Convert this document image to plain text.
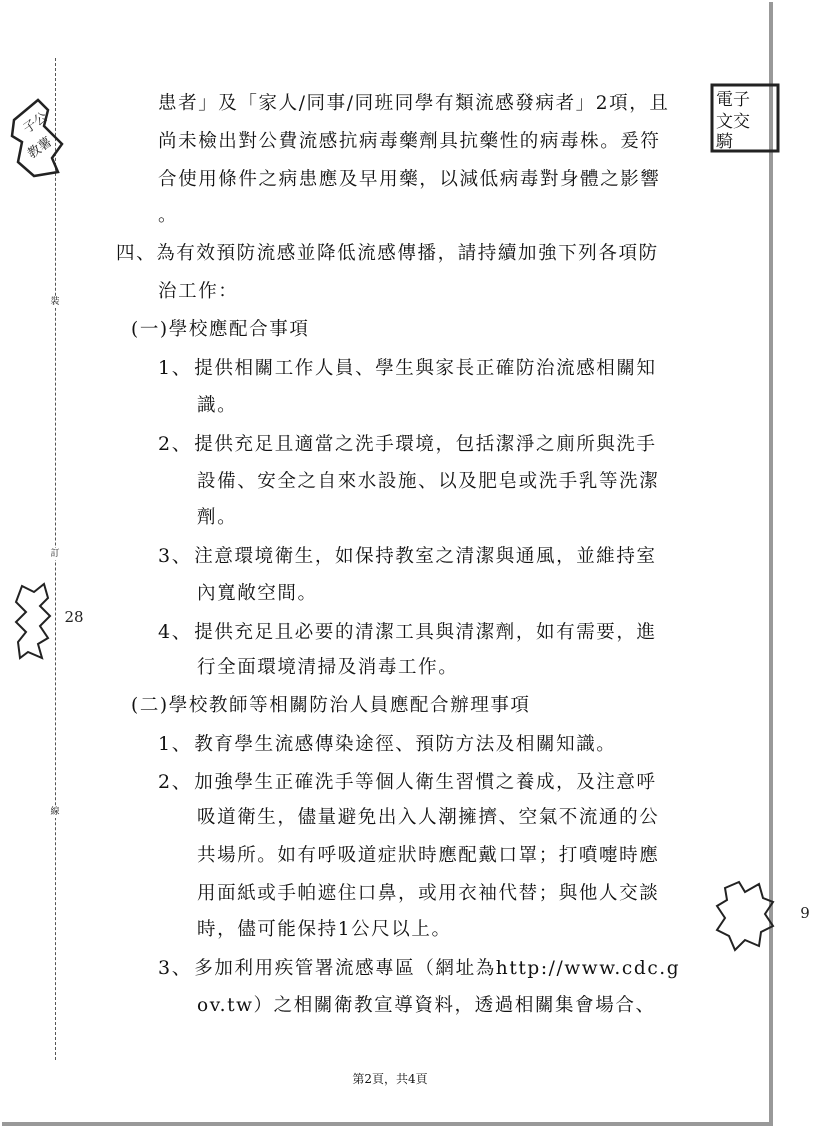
裝
訂
線
子公
教薯
電子
文交
騎
28
9
患者」及「家人/同事/同班同學有類流感發病者」2項，且
尚未檢出對公費流感抗病毒藥劑具抗藥性的病毒株。爰符
合使用條件之病患應及早用藥，以減低病毒對身體之影響
。
四、為有效預防流感並降低流感傳播，請持續加強下列各項防
治工作：
(一)學校應配合事項
1、 提供相關工作人員、學生與家長正確防治流感相關知
識。
2、 提供充足且適當之洗手環境，包括潔淨之廁所與洗手
設備、安全之自來水設施、以及肥皂或洗手乳等洗潔
劑。
3、 注意環境衛生，如保持教室之清潔與通風，並維持室
內寬敞空間。
4、 提供充足且必要的清潔工具與清潔劑，如有需要，進
行全面環境清掃及消毒工作。
(二)學校教師等相關防治人員應配合辦理事項
1、 教育學生流感傳染途徑、預防方法及相關知識。
2、 加強學生正確洗手等個人衛生習慣之養成，及注意呼
吸道衛生，儘量避免出入人潮擁擠、空氣不流通的公
共場所。如有呼吸道症狀時應配戴口罩；打噴嚏時應
用面紙或手帕遮住口鼻，或用衣袖代替；與他人交談
時，儘可能保持1公尺以上。
3、 多加利用疾管署流感專區（網址為http://www.cdc.g
ov.tw）之相關衛教宣導資料，透過相關集會場合、
第2頁，共4頁
